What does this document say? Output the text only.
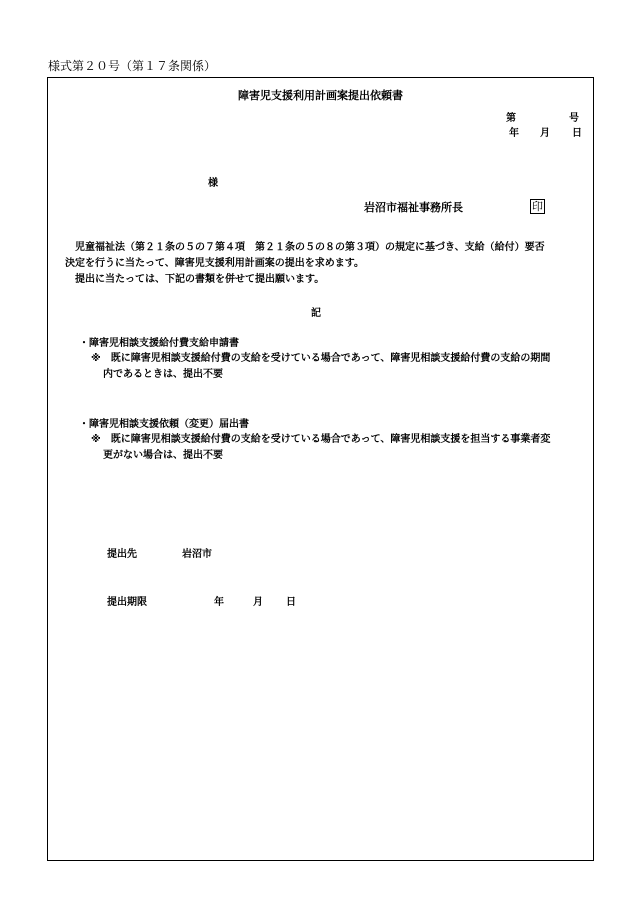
様式第２０号（第１７条関係）
障害児支援利用計画案提出依頼書
第	号
年 月 日
様
岩沼市福祉事務所長	印

児童福祉法（第２１条の５の７第４項　第２１条の５の８の第３項）の規定に基づき、支給（給付）要否

決定を行うに当たって、障害児支援利用計画案の提出を求めます。

提出に当たっては、下記の書類を併せて提出願います。

記
・障害児相談支援給付費支給申請書
※　既に障害児相談支援給付費の支給を受けている場合であって、障害児相談支援給付費の支給の期間
内であるときは、提出不要
・障害児相談支援依頼（変更）届出書
※　既に障害児相談支援給付費の支給を受けている場合であって、障害児相談支援を担当する事業者変
更がない場合は、提出不要
提出先	岩沼市
提出期限	年	月 日
